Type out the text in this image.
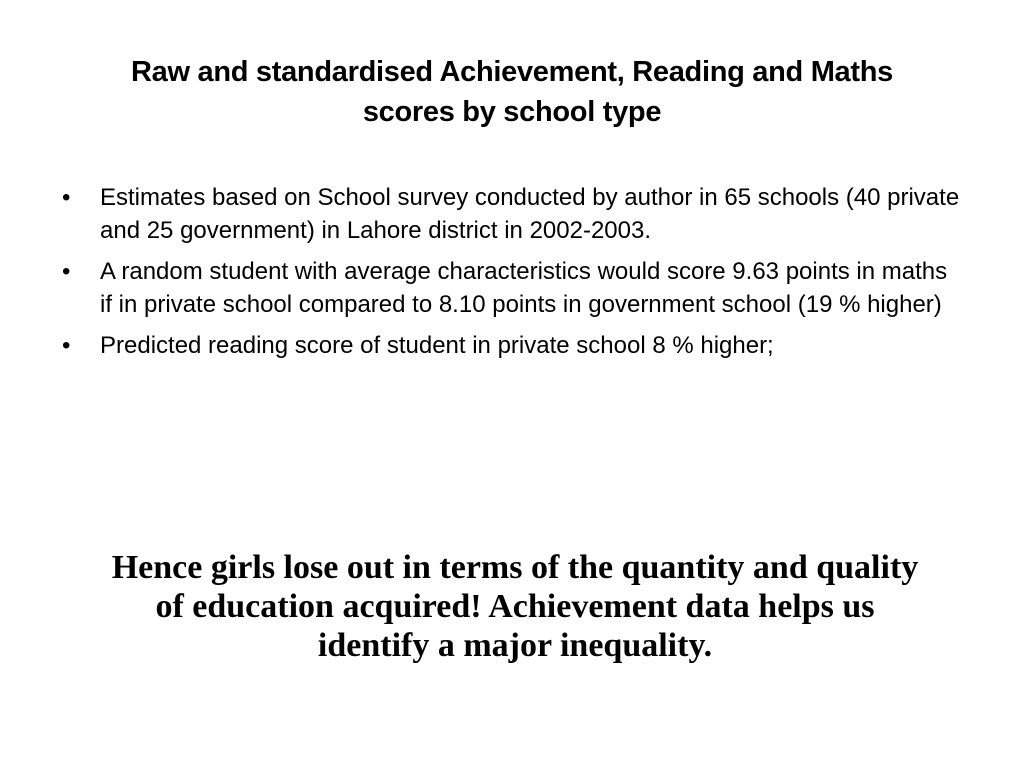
Raw and standardised Achievement, Reading and Maths scores by school type
•	Estimates based on School survey conducted by author in 65 schools (40 private and 25 government) in Lahore district in 2002-2003.
•	A random student with average characteristics would score 9.63 points in maths if in private school compared to 8.10 points in government school (19 % higher)
•	Predicted reading score of student in private school 8 % higher;
Hence girls lose out in terms of the quantity and quality of education acquired! Achievement data helps us identify a major inequality.
